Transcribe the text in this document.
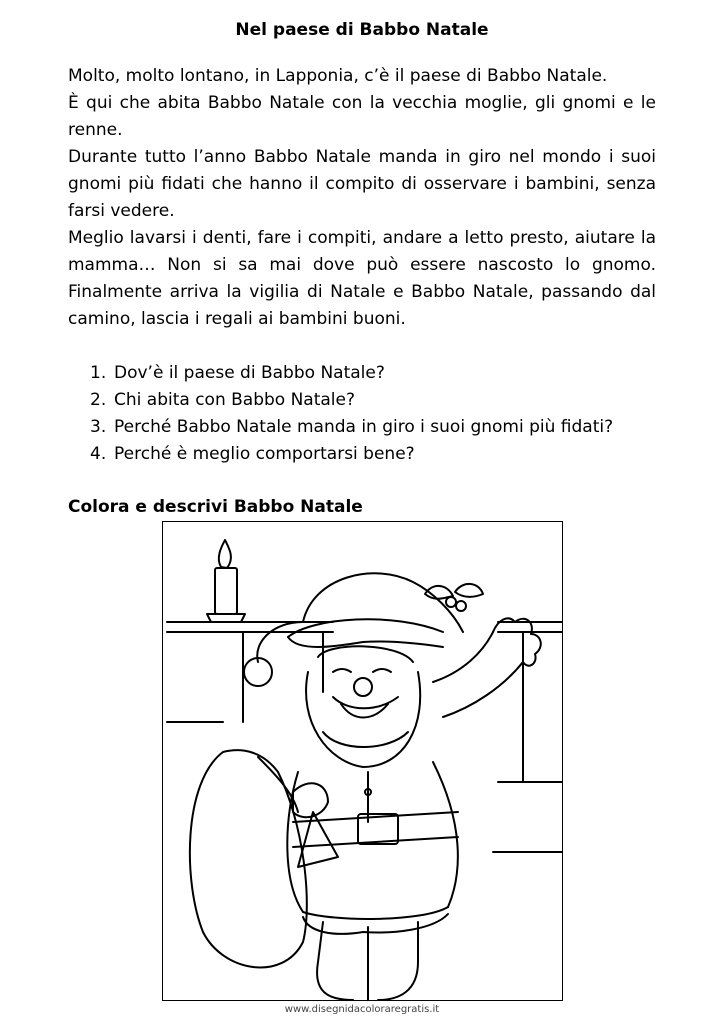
Nel paese di Babbo Natale

Molto, molto lontano, in Lapponia, c’è il paese di Babbo Natale.

È qui che abita Babbo Natale con la vecchia moglie, gli gnomi e le renne.

Durante tutto l’anno Babbo Natale manda in giro nel mondo i suoi gnomi più fidati che hanno il compito di osservare i bambini, senza farsi vedere.

Meglio lavarsi i denti, fare i compiti, andare a letto presto, aiutare la mamma… Non si sa mai dove può essere nascosto lo gnomo. Finalmente arriva la vigilia di Natale e Babbo Natale, passando dal camino, lascia i regali ai bambini buoni.

1. Dov’è il paese di Babbo Natale?
2. Chi abita con Babbo Natale?
3. Perché Babbo Natale manda in giro i suoi gnomi più fidati?
4. Perché è meglio comportarsi bene?
Colora e descrivi Babbo Natale
www.disegnidacoloraregratis.it
